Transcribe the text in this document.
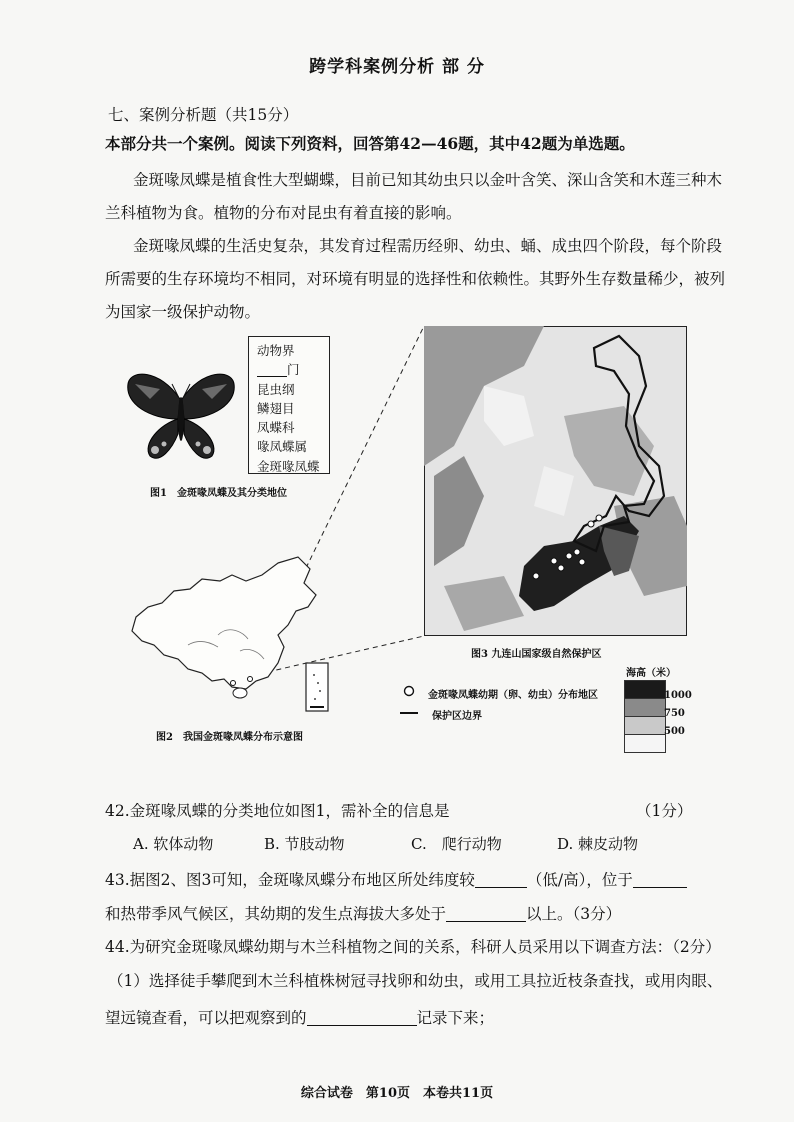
跨学科案例分析 部 分
七、案例分析题（共15分）
本部分共一个案例。阅读下列资料，回答第42—46题，其中42题为单选题。
金斑喙凤蝶是植食性大型蝴蝶，目前已知其幼虫只以金叶含笑、深山含笑和木莲三种木
兰科植物为食。植物的分布对昆虫有着直接的影响。
金斑喙凤蝶的生活史复杂，其发育过程需历经卵、幼虫、蛹、成虫四个阶段，每个阶段
所需要的生存环境均不相同，对环境有明显的选择性和依赖性。其野外生存数量稀少，被列
为国家一级保护动物。
动物界
门
昆虫纲
鳞翅目
凤蝶科
喙凤蝶属
金斑喙凤蝶
图1　金斑喙凤蝶及其分类地位
图2　我国金斑喙凤蝶分布示意图
图3 九连山国家级自然保护区
金斑喙凤蝶幼期（卵、幼虫）分布地区
保护区边界
海高（米）
1000
750
500
42.金斑喙凤蝶的分类地位如图1，需补全的信息是	（1分）
A. 软体动物	B. 节肢动物	C.　爬行动物	D. 棘皮动物
43.据图2、图3可知，金斑喙凤蝶分布地区所处纬度较	（低/高），位于
和热带季风气候区，其幼期的发生点海拔大多处于	以上。（3分）
44.为研究金斑喙凤蝶幼期与木兰科植物之间的关系，科研人员采用以下调查方法：（2分）
（1）选择徒手攀爬到木兰科植株树冠寻找卵和幼虫，或用工具拉近枝条查找，或用肉眼、
望远镜查看，可以把观察到的	记录下来；
综合试卷　第10页　本卷共11页
